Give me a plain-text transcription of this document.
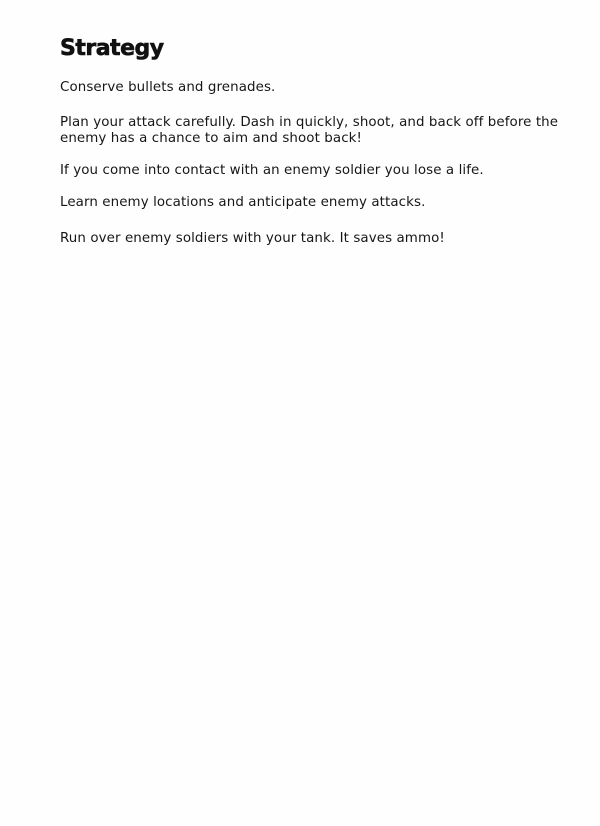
Strategy

Conserve bullets and grenades.

Plan your attack carefully. Dash in quickly, shoot, and back off before the enemy has a chance to aim and shoot back!

If you come into contact with an enemy soldier you lose a life.

Learn enemy locations and anticipate enemy attacks.

Run over enemy soldiers with your tank. It saves ammo!
